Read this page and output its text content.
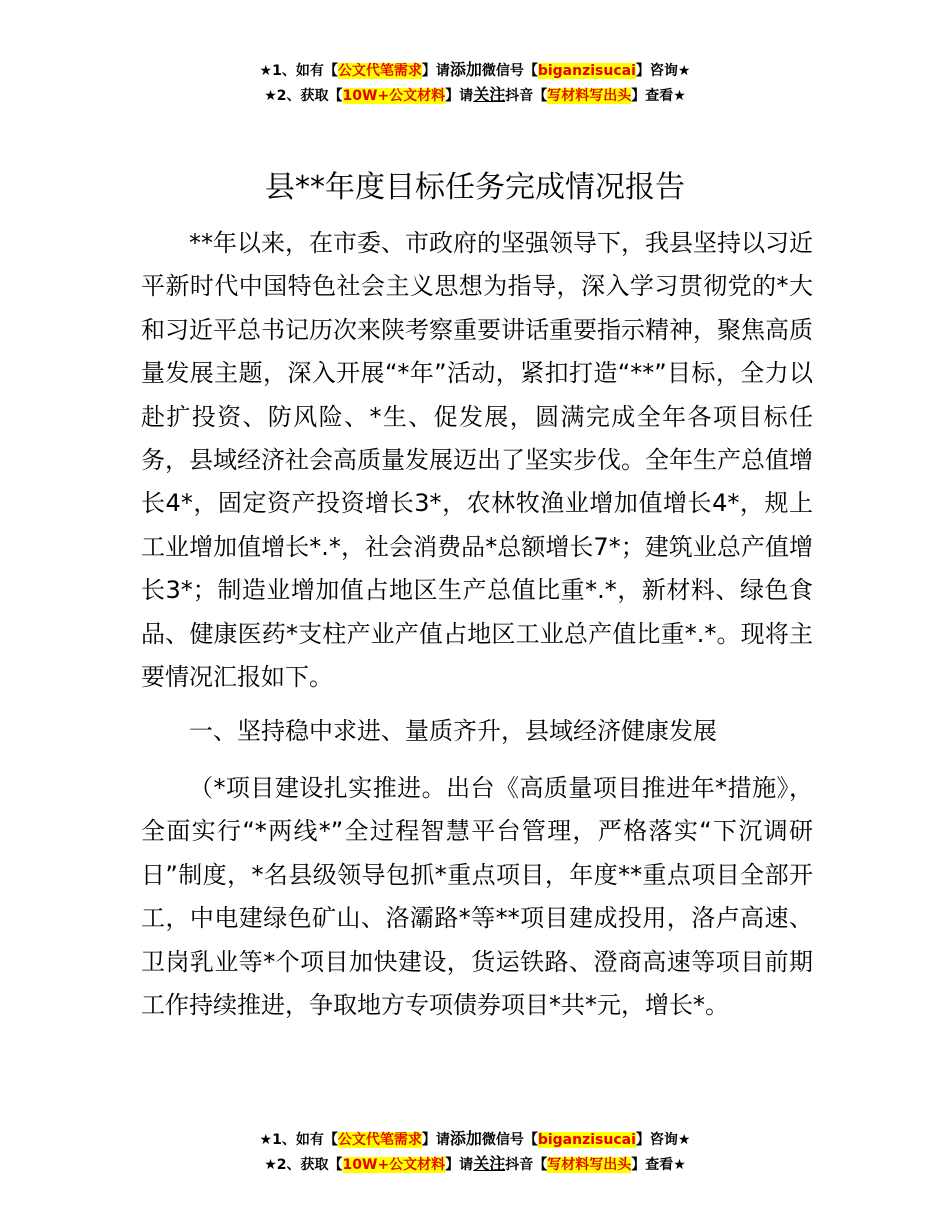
★1、如有【公文代笔需求】请添加微信号【biganzisucai】咨询★
★2、获取【10W+公文材料】请关注抖音【写材料写出头】查看★
县**年度目标任务完成情况报告

**年以来，在市委、市政府的坚强领导下，我县坚持以习近平新时代中国特色社会主义思想为指导，深入学习贯彻党的*大和习近平总书记历次来陕考察重要讲话重要指示精神，聚焦高质量发展主题，深入开展“*年”活动，紧扣打造“**”目标，全力以赴扩投资、防风险、*生、促发展，圆满完成全年各项目标任务，县域经济社会高质量发展迈出了坚实步伐。全年生产总值增长4*，固定资产投资增长3*，农林牧渔业增加值增长4*，规上工业增加值增长*.*，社会消费品*总额增长7*；建筑业总产值增长3*；制造业增加值占地区生产总值比重*.*，新材料、绿色食品、健康医药*支柱产业产值占地区工业总产值比重*.*。现将主要情况汇报如下。

一、坚持稳中求进、量质齐升，县域经济健康发展

（*项目建设扎实推进。出台《高质量项目推进年*措施》，全面实行“*两线*”全过程智慧平台管理，严格落实“下沉调研日”制度，*名县级领导包抓*重点项目，年度**重点项目全部开工，中电建绿色矿山、洛灞路*等**项目建成投用，洛卢高速、卫岗乳业等*个项目加快建设，货运铁路、澄商高速等项目前期工作持续推进，争取地方专项债券项目*共*元，增长*。

★1、如有【公文代笔需求】请添加微信号【biganzisucai】咨询★
★2、获取【10W+公文材料】请关注抖音【写材料写出头】查看★
